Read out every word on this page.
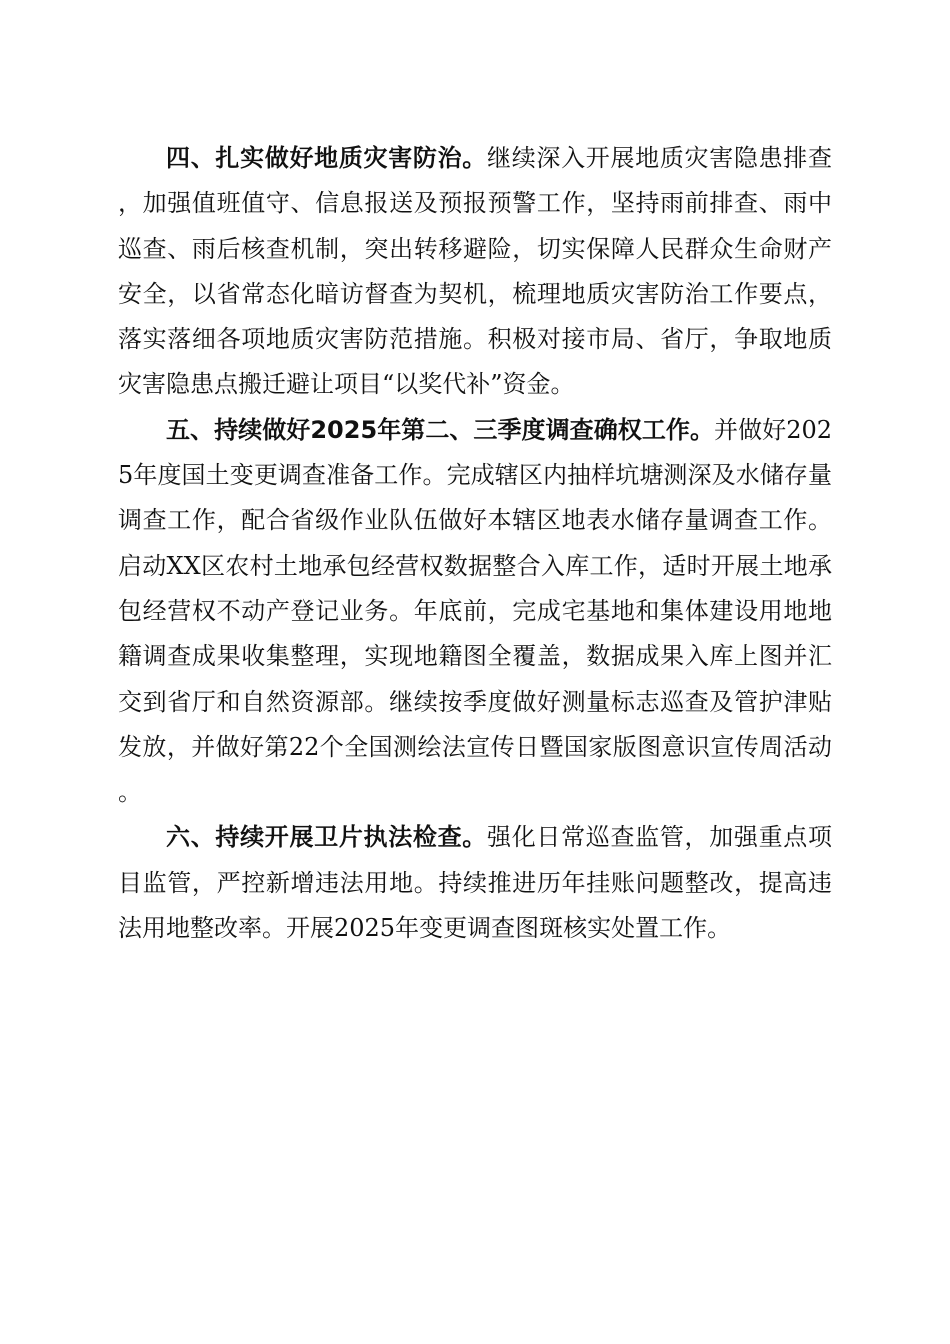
四、扎实做好地质灾害防治。继续深入开展地质灾害隐患排查，加强值班值守、信息报送及预报预警工作，坚持雨前排查、雨中巡查、雨后核查机制，突出转移避险，切实保障人民群众生命财产安全，以省常态化暗访督查为契机，梳理地质灾害防治工作要点，落实落细各项地质灾害防范措施。积极对接市局、省厅，争取地质灾害隐患点搬迁避让项目“以奖代补”资金。

五、持续做好2025年第二、三季度调查确权工作。并做好2025年度国土变更调查准备工作。完成辖区内抽样坑塘测深及水储存量调查工作，配合省级作业队伍做好本辖区地表水储存量调查工作。启动XX区农村土地承包经营权数据整合入库工作，适时开展土地承包经营权不动产登记业务。年底前，完成宅基地和集体建设用地地籍调查成果收集整理，实现地籍图全覆盖，数据成果入库上图并汇交到省厅和自然资源部。继续按季度做好测量标志巡查及管护津贴发放，并做好第22个全国测绘法宣传日暨国家版图意识宣传周活动。

六、持续开展卫片执法检查。强化日常巡查监管，加强重点项目监管，严控新增违法用地。持续推进历年挂账问题整改，提高违法用地整改率。开展2025年变更调查图斑核实处置工作。
